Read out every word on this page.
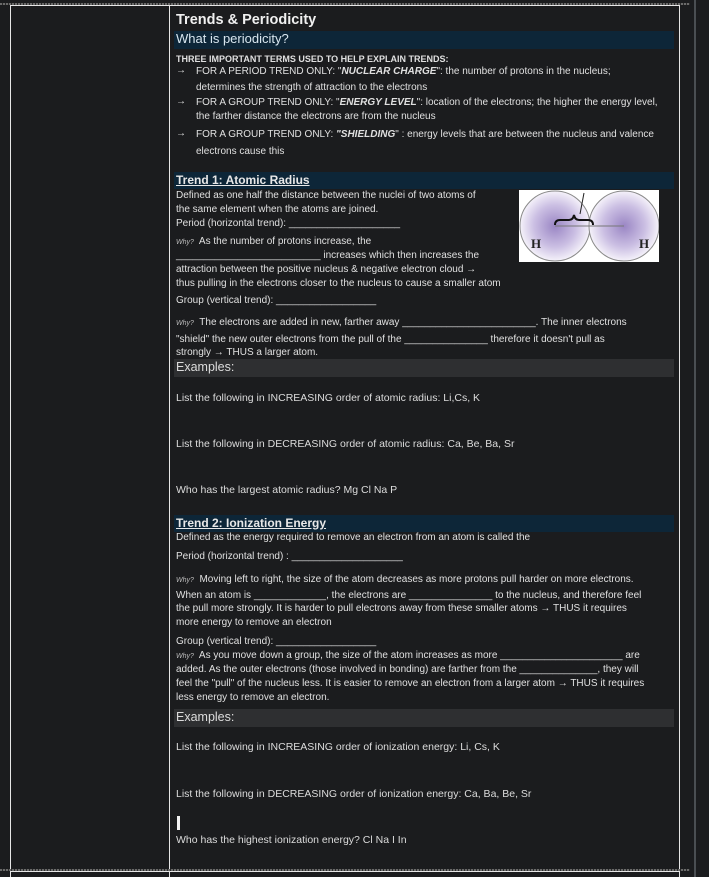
Trends & Periodicity
What is periodicity?
THREE IMPORTANT TERMS USED TO HELP EXPLAIN TRENDS:
→ FOR A PERIOD TREND ONLY: "NUCLEAR CHARGE": the number of protons in the nucleus;
determines the strength of attraction to the electrons
→ FOR A GROUP TREND ONLY: "ENERGY LEVEL": location of the electrons; the higher the energy level,
the farther distance the electrons are from the nucleus
→ FOR A GROUP TREND ONLY: "SHIELDING" : energy levels that are between the nucleus and valence
electrons cause this
Trend 1: Atomic Radius
Defined as one half the distance between the nuclei of two atoms of
the same element when the atoms are joined.
Period (horizontal trend): ____________________
Why? As the number of protons increase, the
__________________________ increases which then increases the
attraction between the positive nucleus & negative electron cloud →
thus pulling in the electrons closer to the nucleus to cause a smaller atom
Group (vertical trend): __________________
H	H
Why? The electrons are added in new, farther away ________________________. The inner electrons
"shield" the new outer electrons from the pull of the _______________ therefore it doesn't pull as
strongly → THUS a larger atom.
Examples:
List the following in INCREASING order of atomic radius: Li,Cs, K
List the following in DECREASING order of atomic radius: Ca, Be, Ba, Sr
Who has the largest atomic radius? Mg Cl Na P
Trend 2: Ionization Energy
Defined as the energy required to remove an electron from an atom is called the
Period (horizontal trend) : ____________________
Why? Moving left to right, the size of the atom decreases as more protons pull harder on more electrons.
When an atom is _____________, the electrons are _______________ to the nucleus, and therefore feel
the pull more strongly. It is harder to pull electrons away from these smaller atoms → THUS it requires
more energy to remove an electron
Group (vertical trend): __________________
Why? As you move down a group, the size of the atom increases as more ______________________ are
added. As the outer electrons (those involved in bonding) are farther from the ______________, they will
feel the "pull" of the nucleus less. It is easier to remove an electron from a larger atom → THUS it requires
less energy to remove an electron.
Examples:
List the following in INCREASING order of ionization energy: Li, Cs, K
List the following in DECREASING order of ionization energy: Ca, Ba, Be, Sr
Who has the highest ionization energy? Cl Na I In
